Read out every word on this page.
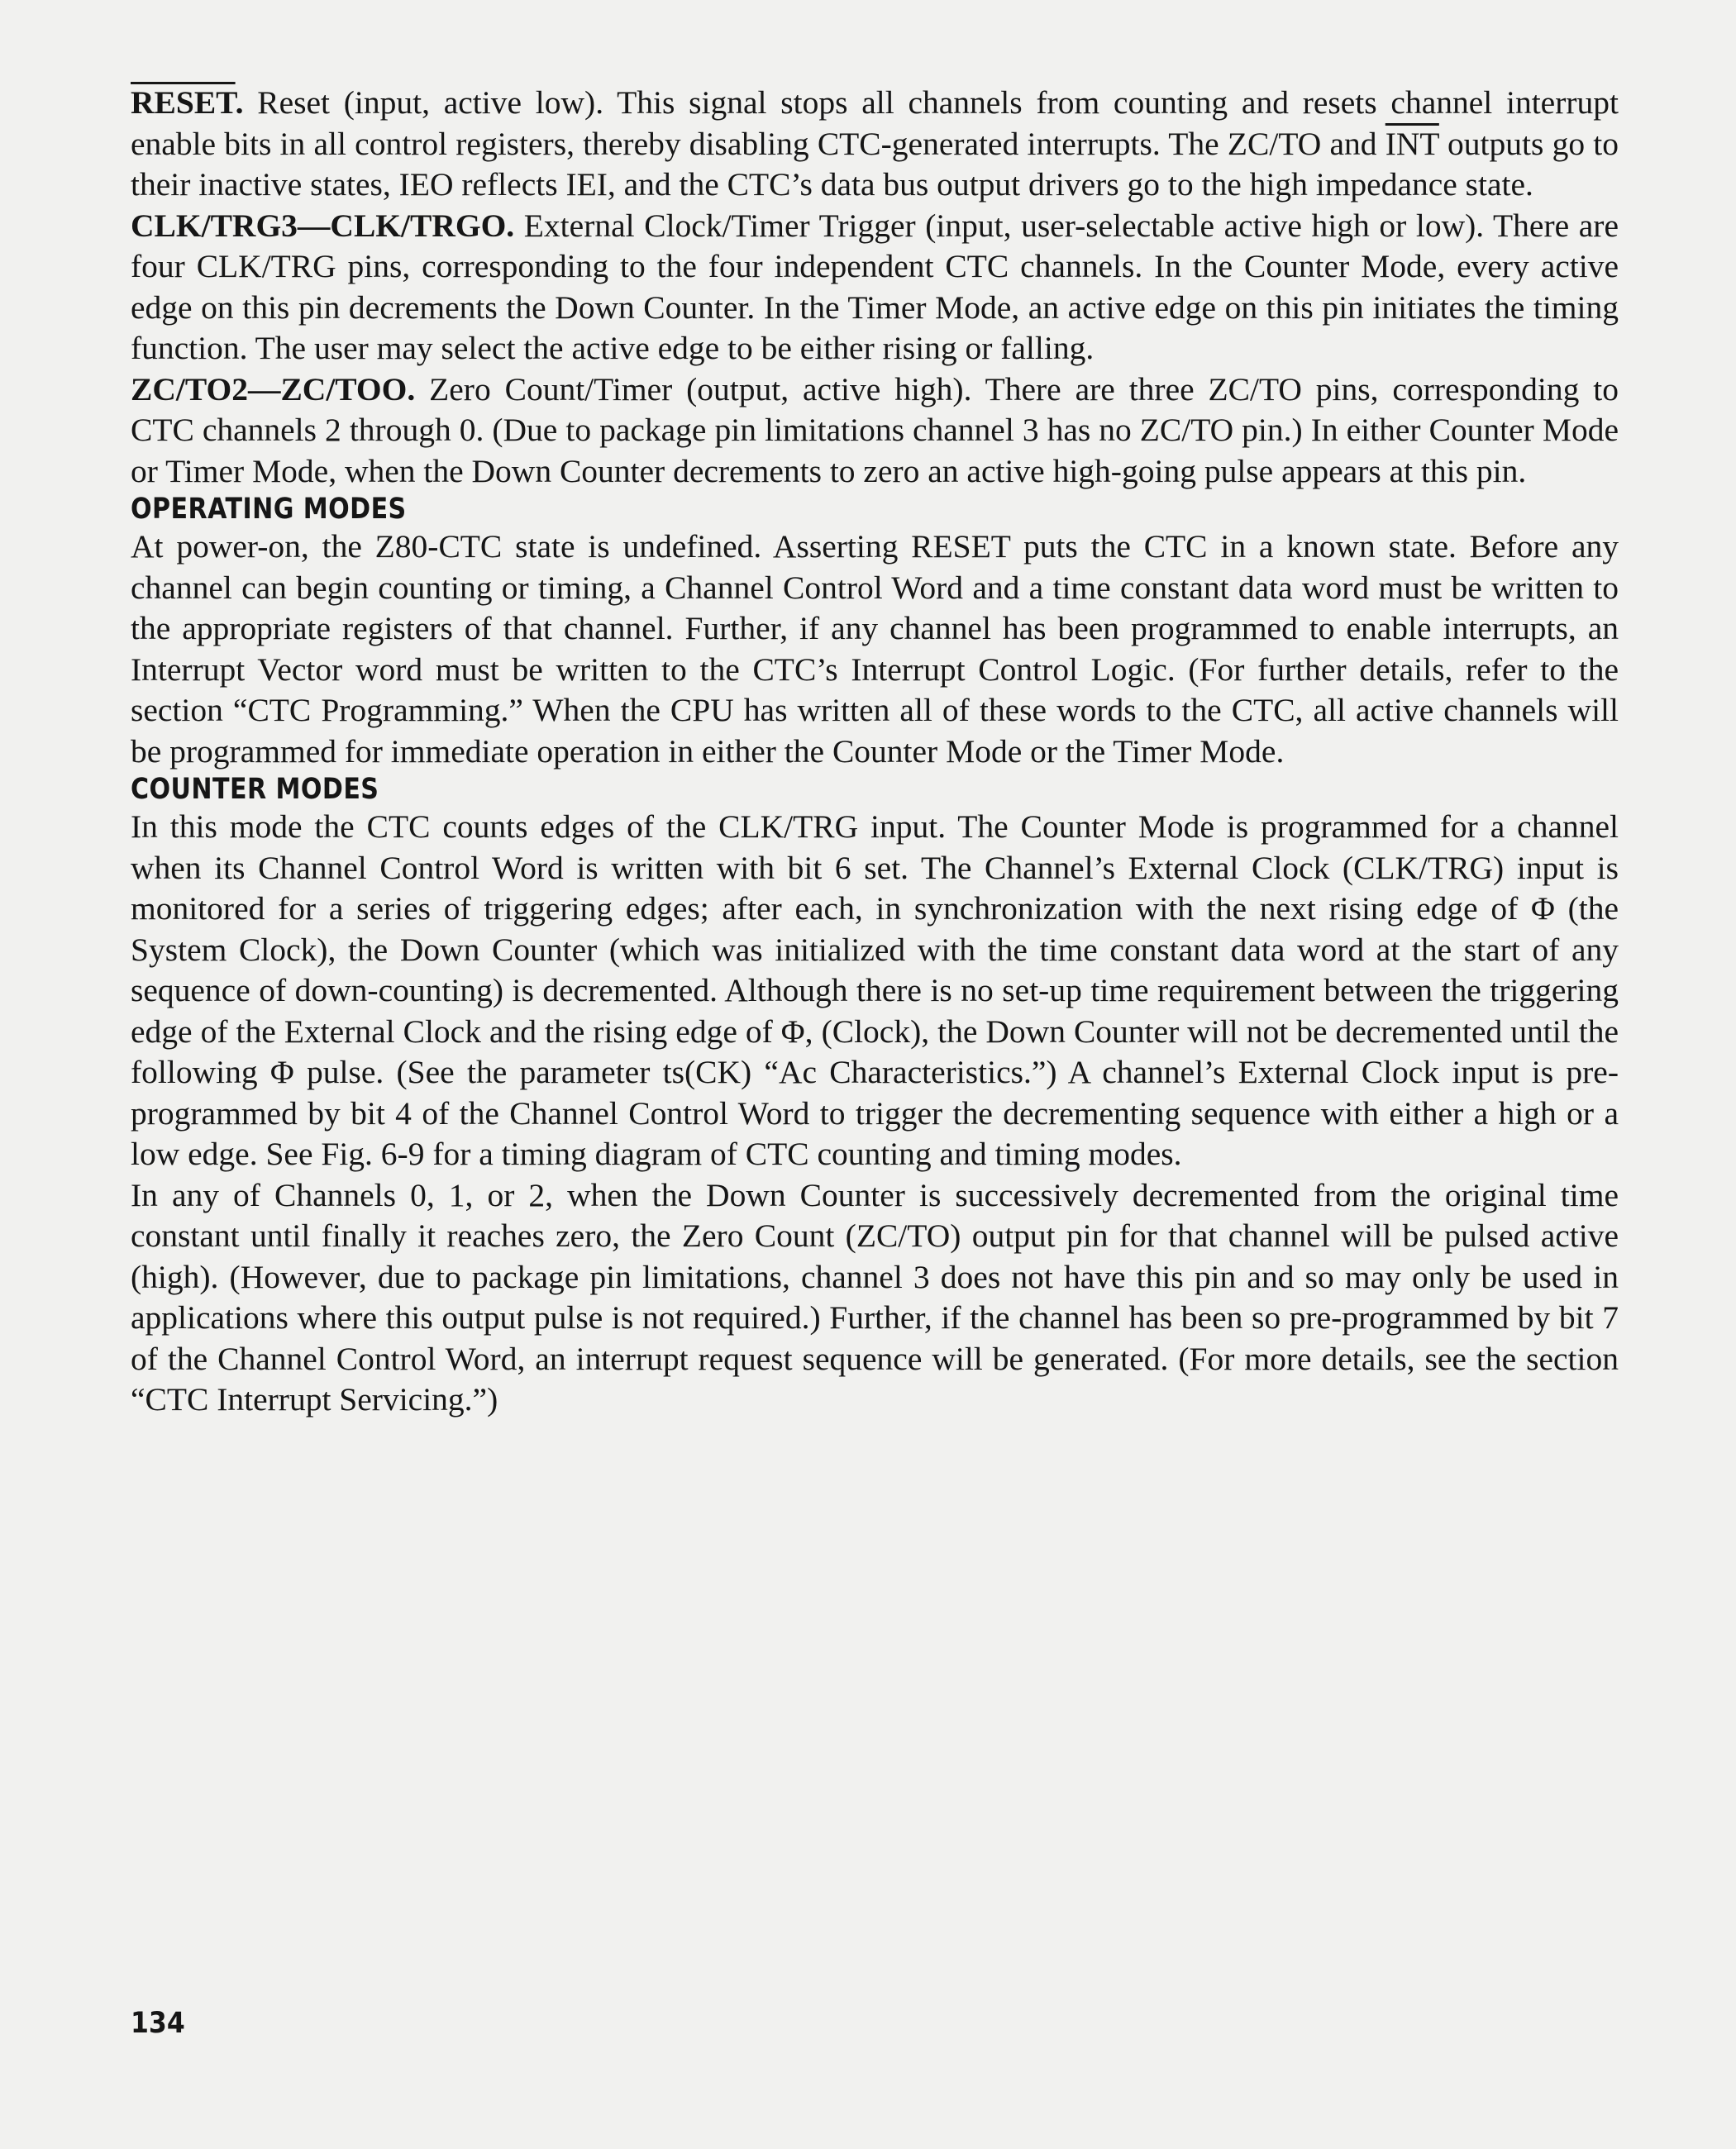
RESET. Reset (input, active low). This signal stops all channels from counting and resets channel interrupt enable bits in all control registers, thereby disabling CTC-generated interrupts. The ZC/TO and $\overline{INT}$ outputs go to their inactive states, IEO reflects IEI, and the CTC’s data bus output drivers go to the high impedance state.

CLK/TRG3—CLK/TRGO. External Clock/Timer Trigger (input, user-selectable active high or low). There are four CLK/TRG pins, corresponding to the four independent CTC channels. In the Counter Mode, every active edge on this pin decrements the Down Counter. In the Timer Mode, an active edge on this pin initiates the timing function. The user may select the active edge to be either rising or falling.

ZC/TO2—ZC/TOO. Zero Count/Timer (output, active high). There are three ZC/TO pins, corresponding to CTC channels 2 through 0. (Due to package pin limitations channel 3 has no ZC/TO pin.) In either Counter Mode or Timer Mode, when the Down Counter decrements to zero an active high-going pulse appears at this pin.

OPERATING MODES

At power-on, the Z80-CTC state is undefined. Asserting RESET puts the CTC in a known state. Before any channel can begin counting or timing, a Channel Control Word and a time constant data word must be written to the appropriate registers of that channel. Further, if any channel has been programmed to enable interrupts, an Interrupt Vector word must be written to the CTC’s Interrupt Control Logic. (For further details, refer to the section “CTC Programming.” When the CPU has written all of these words to the CTC, all active channels will be programmed for immediate operation in either the Counter Mode or the Timer Mode.

COUNTER MODES

In this mode the CTC counts edges of the CLK/TRG input. The Counter Mode is programmed for a channel when its Channel Control Word is written with bit 6 set. The Channel’s External Clock (CLK/TRG) input is monitored for a series of triggering edges; after each, in synchronization with the next rising edge of Φ (the System Clock), the Down Counter (which was initialized with the time constant data word at the start of any sequence of down-counting) is decremented. Although there is no set-up time requirement between the triggering edge of the External Clock and the rising edge of Φ, (Clock), the Down Counter will not be decremented until the following Φ pulse. (See the parameter ts(CK) “Ac Characteristics.”) A channel’s External Clock input is pre-programmed by bit 4 of the Channel Control Word to trigger the decrementing sequence with either a high or a low edge. See Fig. 6-9 for a timing diagram of CTC counting and timing modes.

In any of Channels 0, 1, or 2, when the Down Counter is successively decremented from the original time constant until finally it reaches zero, the Zero Count (ZC/TO) output pin for that channel will be pulsed active (high). (However, due to package pin limitations, channel 3 does not have this pin and so may only be used in applications where this output pulse is not required.) Further, if the channel has been so pre-programmed by bit 7 of the Channel Control Word, an interrupt request sequence will be generated. (For more details, see the section “CTC Interrupt Servicing.”)

134
